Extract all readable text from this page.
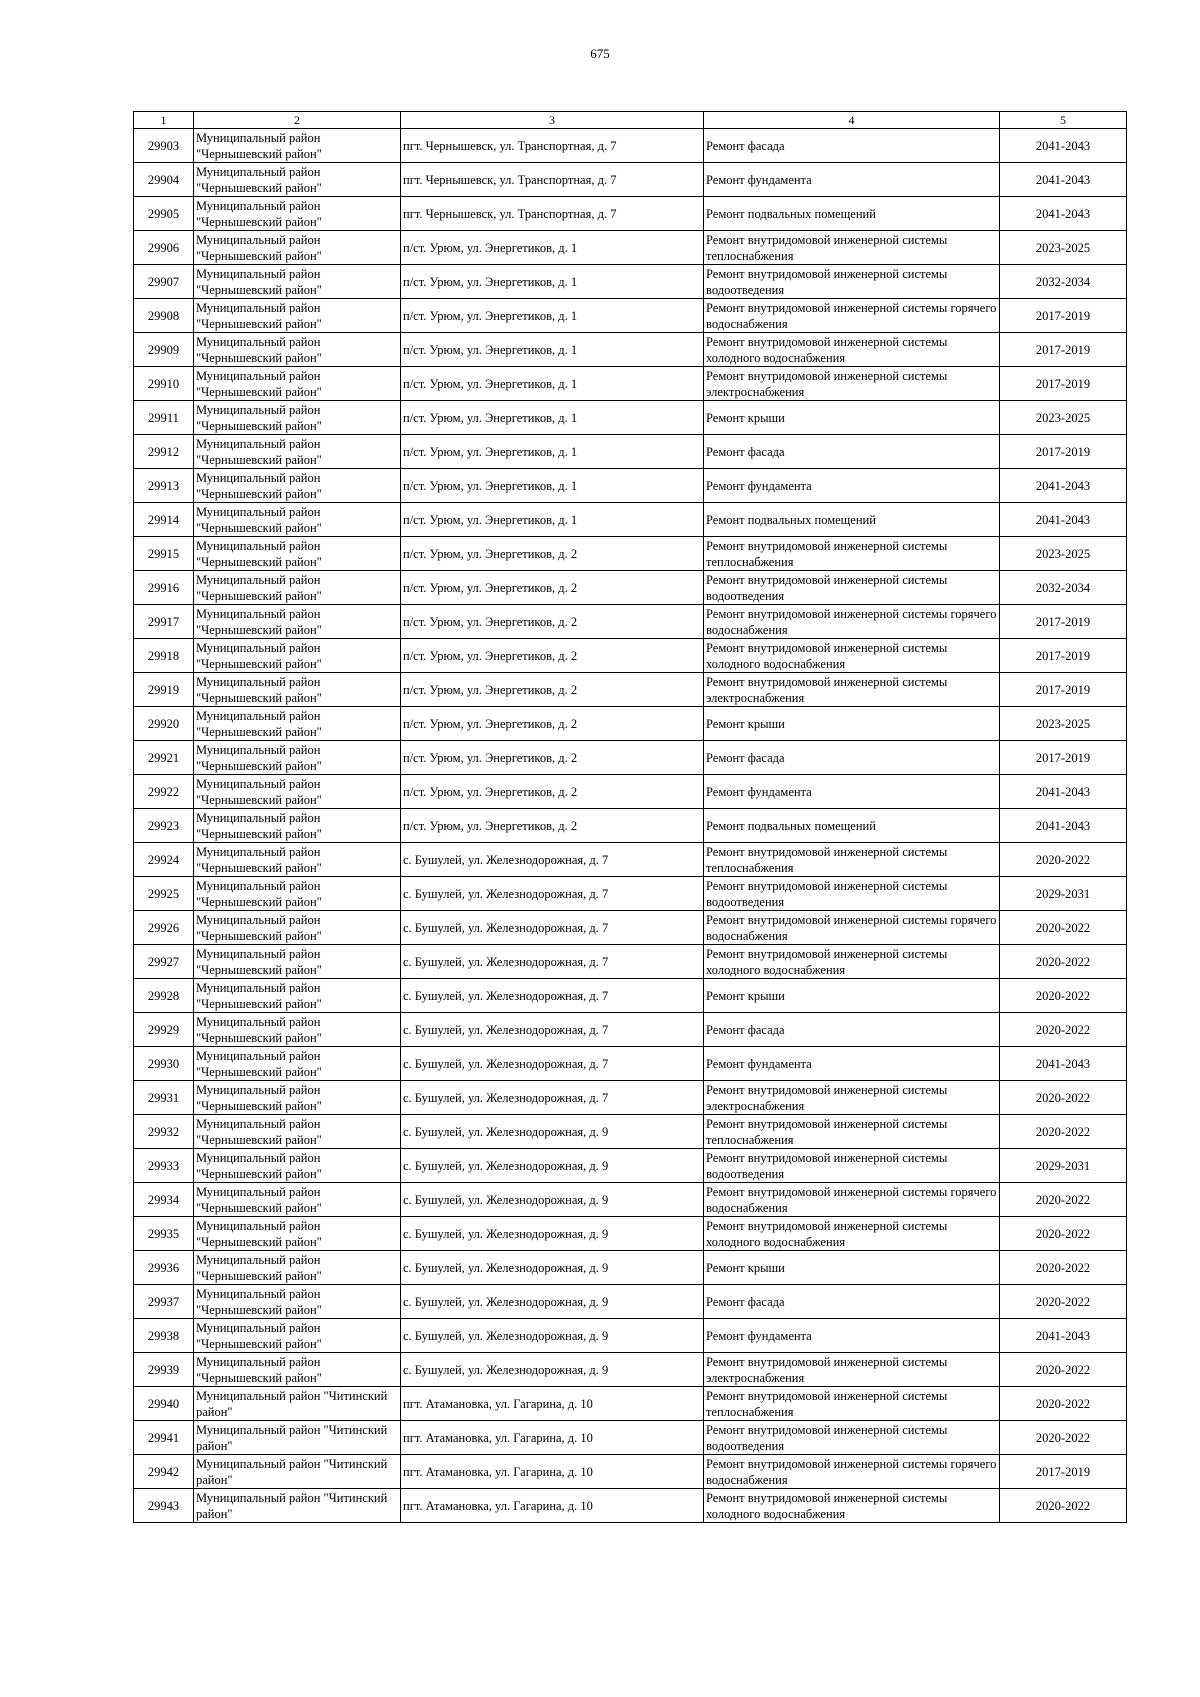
675
1	2	3	4	5
29903	Муниципальный район "Чернышевский район"	пгт. Чернышевск, ул. Транспортная, д. 7	Ремонт фасада	2041-2043
29904	Муниципальный район "Чернышевский район"	пгт. Чернышевск, ул. Транспортная, д. 7	Ремонт фундамента	2041-2043
29905	Муниципальный район "Чернышевский район"	пгт. Чернышевск, ул. Транспортная, д. 7	Ремонт подвальных помещений	2041-2043
29906	Муниципальный район "Чернышевский район"	п/ст. Урюм, ул. Энергетиков, д. 1	Ремонт внутридомовой инженерной системы теплоснабжения	2023-2025
29907	Муниципальный район "Чернышевский район"	п/ст. Урюм, ул. Энергетиков, д. 1	Ремонт внутридомовой инженерной системы водоотведения	2032-2034
29908	Муниципальный район "Чернышевский район"	п/ст. Урюм, ул. Энергетиков, д. 1	Ремонт внутридомовой инженерной системы горячего водоснабжения	2017-2019
29909	Муниципальный район "Чернышевский район"	п/ст. Урюм, ул. Энергетиков, д. 1	Ремонт внутридомовой инженерной системы холодного водоснабжения	2017-2019
29910	Муниципальный район "Чернышевский район"	п/ст. Урюм, ул. Энергетиков, д. 1	Ремонт внутридомовой инженерной системы электроснабжения	2017-2019
29911	Муниципальный район "Чернышевский район"	п/ст. Урюм, ул. Энергетиков, д. 1	Ремонт крыши	2023-2025
29912	Муниципальный район "Чернышевский район"	п/ст. Урюм, ул. Энергетиков, д. 1	Ремонт фасада	2017-2019
29913	Муниципальный район "Чернышевский район"	п/ст. Урюм, ул. Энергетиков, д. 1	Ремонт фундамента	2041-2043
29914	Муниципальный район "Чернышевский район"	п/ст. Урюм, ул. Энергетиков, д. 1	Ремонт подвальных помещений	2041-2043
29915	Муниципальный район "Чернышевский район"	п/ст. Урюм, ул. Энергетиков, д. 2	Ремонт внутридомовой инженерной системы теплоснабжения	2023-2025
29916	Муниципальный район "Чернышевский район"	п/ст. Урюм, ул. Энергетиков, д. 2	Ремонт внутридомовой инженерной системы водоотведения	2032-2034
29917	Муниципальный район "Чернышевский район"	п/ст. Урюм, ул. Энергетиков, д. 2	Ремонт внутридомовой инженерной системы горячего водоснабжения	2017-2019
29918	Муниципальный район "Чернышевский район"	п/ст. Урюм, ул. Энергетиков, д. 2	Ремонт внутридомовой инженерной системы холодного водоснабжения	2017-2019
29919	Муниципальный район "Чернышевский район"	п/ст. Урюм, ул. Энергетиков, д. 2	Ремонт внутридомовой инженерной системы электроснабжения	2017-2019
29920	Муниципальный район "Чернышевский район"	п/ст. Урюм, ул. Энергетиков, д. 2	Ремонт крыши	2023-2025
29921	Муниципальный район "Чернышевский район"	п/ст. Урюм, ул. Энергетиков, д. 2	Ремонт фасада	2017-2019
29922	Муниципальный район "Чернышевский район"	п/ст. Урюм, ул. Энергетиков, д. 2	Ремонт фундамента	2041-2043
29923	Муниципальный район "Чернышевский район"	п/ст. Урюм, ул. Энергетиков, д. 2	Ремонт подвальных помещений	2041-2043
29924	Муниципальный район "Чернышевский район"	с. Бушулей, ул. Железнодорожная, д. 7	Ремонт внутридомовой инженерной системы теплоснабжения	2020-2022
29925	Муниципальный район "Чернышевский район"	с. Бушулей, ул. Железнодорожная, д. 7	Ремонт внутридомовой инженерной системы водоотведения	2029-2031
29926	Муниципальный район "Чернышевский район"	с. Бушулей, ул. Железнодорожная, д. 7	Ремонт внутридомовой инженерной системы горячего водоснабжения	2020-2022
29927	Муниципальный район "Чернышевский район"	с. Бушулей, ул. Железнодорожная, д. 7	Ремонт внутридомовой инженерной системы холодного водоснабжения	2020-2022
29928	Муниципальный район "Чернышевский район"	с. Бушулей, ул. Железнодорожная, д. 7	Ремонт крыши	2020-2022
29929	Муниципальный район "Чернышевский район"	с. Бушулей, ул. Железнодорожная, д. 7	Ремонт фасада	2020-2022
29930	Муниципальный район "Чернышевский район"	с. Бушулей, ул. Железнодорожная, д. 7	Ремонт фундамента	2041-2043
29931	Муниципальный район "Чернышевский район"	с. Бушулей, ул. Железнодорожная, д. 7	Ремонт внутридомовой инженерной системы электроснабжения	2020-2022
29932	Муниципальный район "Чернышевский район"	с. Бушулей, ул. Железнодорожная, д. 9	Ремонт внутридомовой инженерной системы теплоснабжения	2020-2022
29933	Муниципальный район "Чернышевский район"	с. Бушулей, ул. Железнодорожная, д. 9	Ремонт внутридомовой инженерной системы водоотведения	2029-2031
29934	Муниципальный район "Чернышевский район"	с. Бушулей, ул. Железнодорожная, д. 9	Ремонт внутридомовой инженерной системы горячего водоснабжения	2020-2022
29935	Муниципальный район "Чернышевский район"	с. Бушулей, ул. Железнодорожная, д. 9	Ремонт внутридомовой инженерной системы холодного водоснабжения	2020-2022
29936	Муниципальный район "Чернышевский район"	с. Бушулей, ул. Железнодорожная, д. 9	Ремонт крыши	2020-2022
29937	Муниципальный район "Чернышевский район"	с. Бушулей, ул. Железнодорожная, д. 9	Ремонт фасада	2020-2022
29938	Муниципальный район "Чернышевский район"	с. Бушулей, ул. Железнодорожная, д. 9	Ремонт фундамента	2041-2043
29939	Муниципальный район "Чернышевский район"	с. Бушулей, ул. Железнодорожная, д. 9	Ремонт внутридомовой инженерной системы электроснабжения	2020-2022
29940	Муниципальный район "Читинский район"	пгт. Атамановка, ул. Гагарина, д. 10	Ремонт внутридомовой инженерной системы теплоснабжения	2020-2022
29941	Муниципальный район "Читинский район"	пгт. Атамановка, ул. Гагарина, д. 10	Ремонт внутридомовой инженерной системы водоотведения	2020-2022
29942	Муниципальный район "Читинский район"	пгт. Атамановка, ул. Гагарина, д. 10	Ремонт внутридомовой инженерной системы горячего водоснабжения	2017-2019
29943	Муниципальный район "Читинский район"	пгт. Атамановка, ул. Гагарина, д. 10	Ремонт внутридомовой инженерной системы холодного водоснабжения	2020-2022
